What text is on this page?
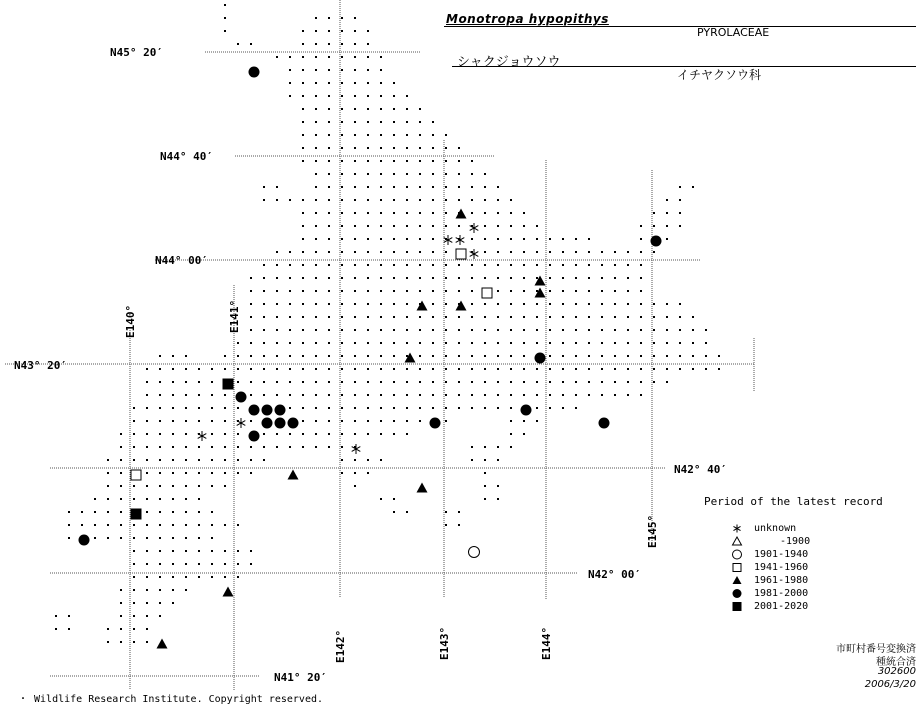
N45° 20′
N44° 40′
N44° 00′
N43° 20′
N42° 40′
N42° 00′
N41° 20′
E140°	E141°
E142°	E143°	E144°
E145°
Monotropa hypopithys
PYROLACEAE
シャクジョウソウ
イチヤクソウ科
Period of the latest record
unknown
-1900
1901-1940
1941-1960
1961-1980
1981-2000
2001-2020
・ Wildlife Research Institute. Copyright reserved.
市町村番号変換済
種統合済
302600
2006/3/20
